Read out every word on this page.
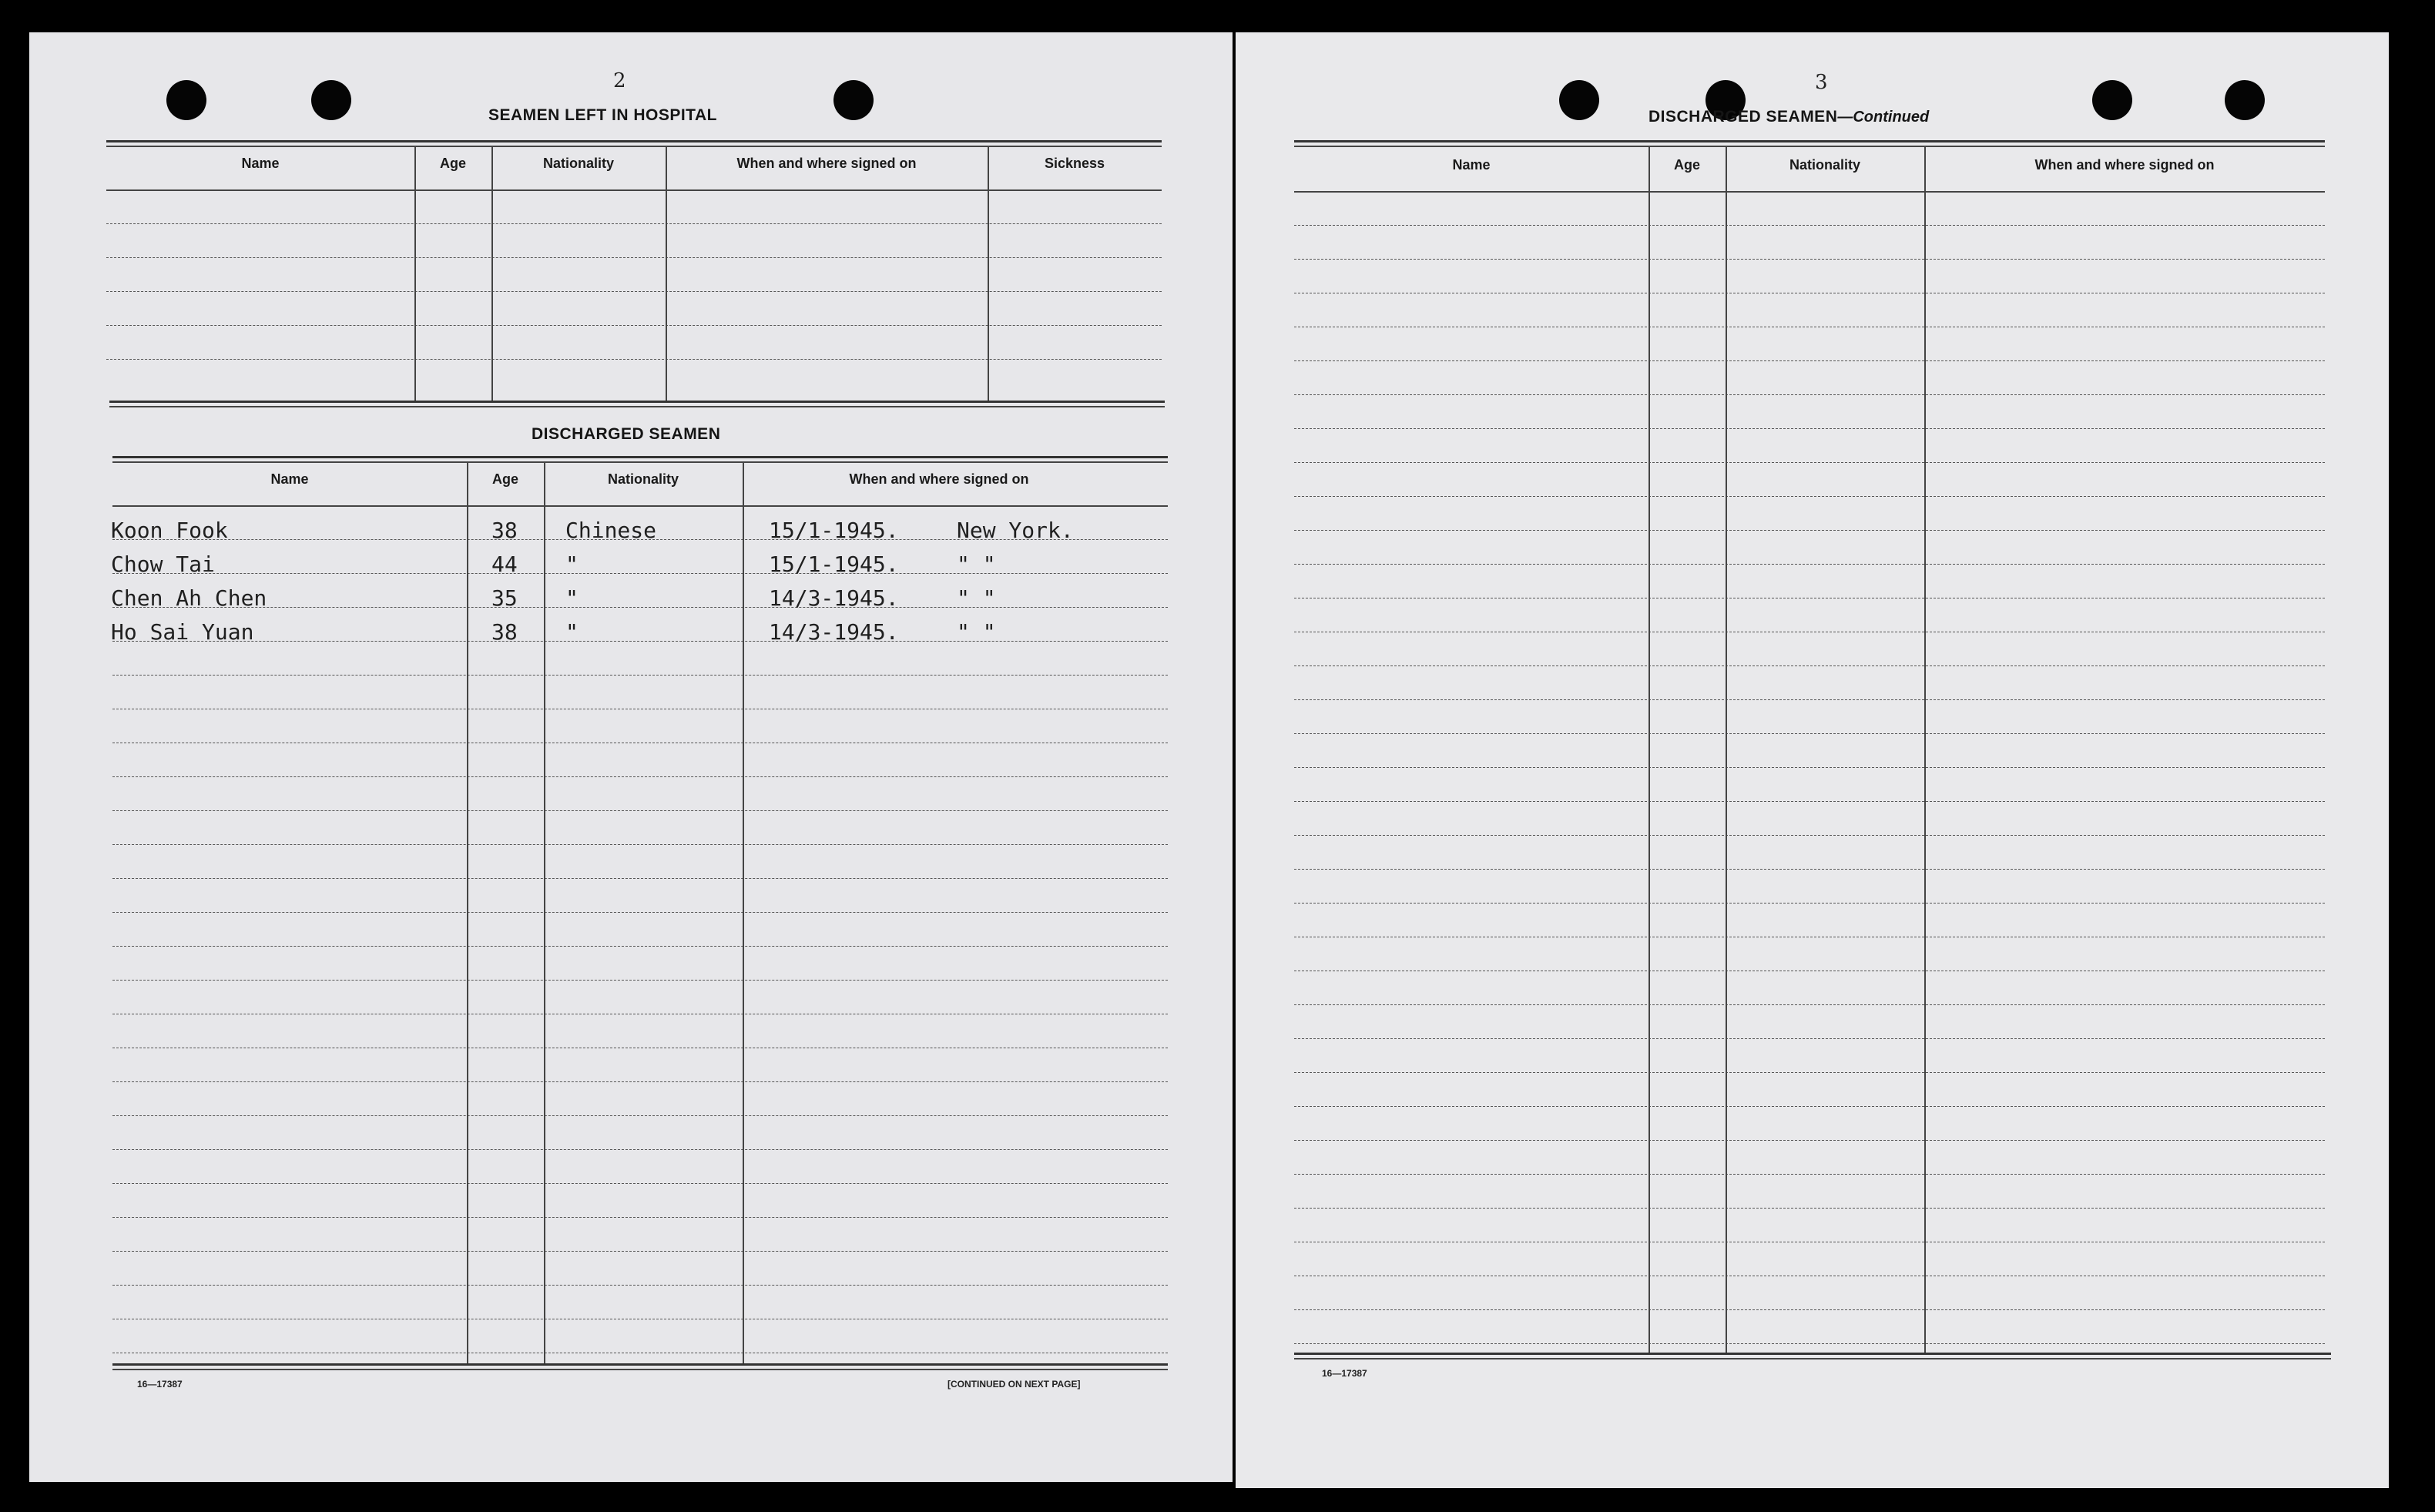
2
SEAMEN LEFT IN HOSPITAL
Name	Age	Nationality	When and where signed on	Sickness
DISCHARGED SEAMEN
Name	Age	Nationality	When and where signed on
Koon Fook	38 Chinese	15/1-1945.	New York.
Chow Tai	44 "	15/1-1945.	" "
Chen Ah Chen	35 "	14/3-1945.	" "
Ho Sai Yuan	38 "	14/3-1945.	" "
16—17387	[CONTINUED ON NEXT PAGE]
3
DISCHARGED SEAMEN—Continued
Name	Age	Nationality	When and where signed on
16—17387
